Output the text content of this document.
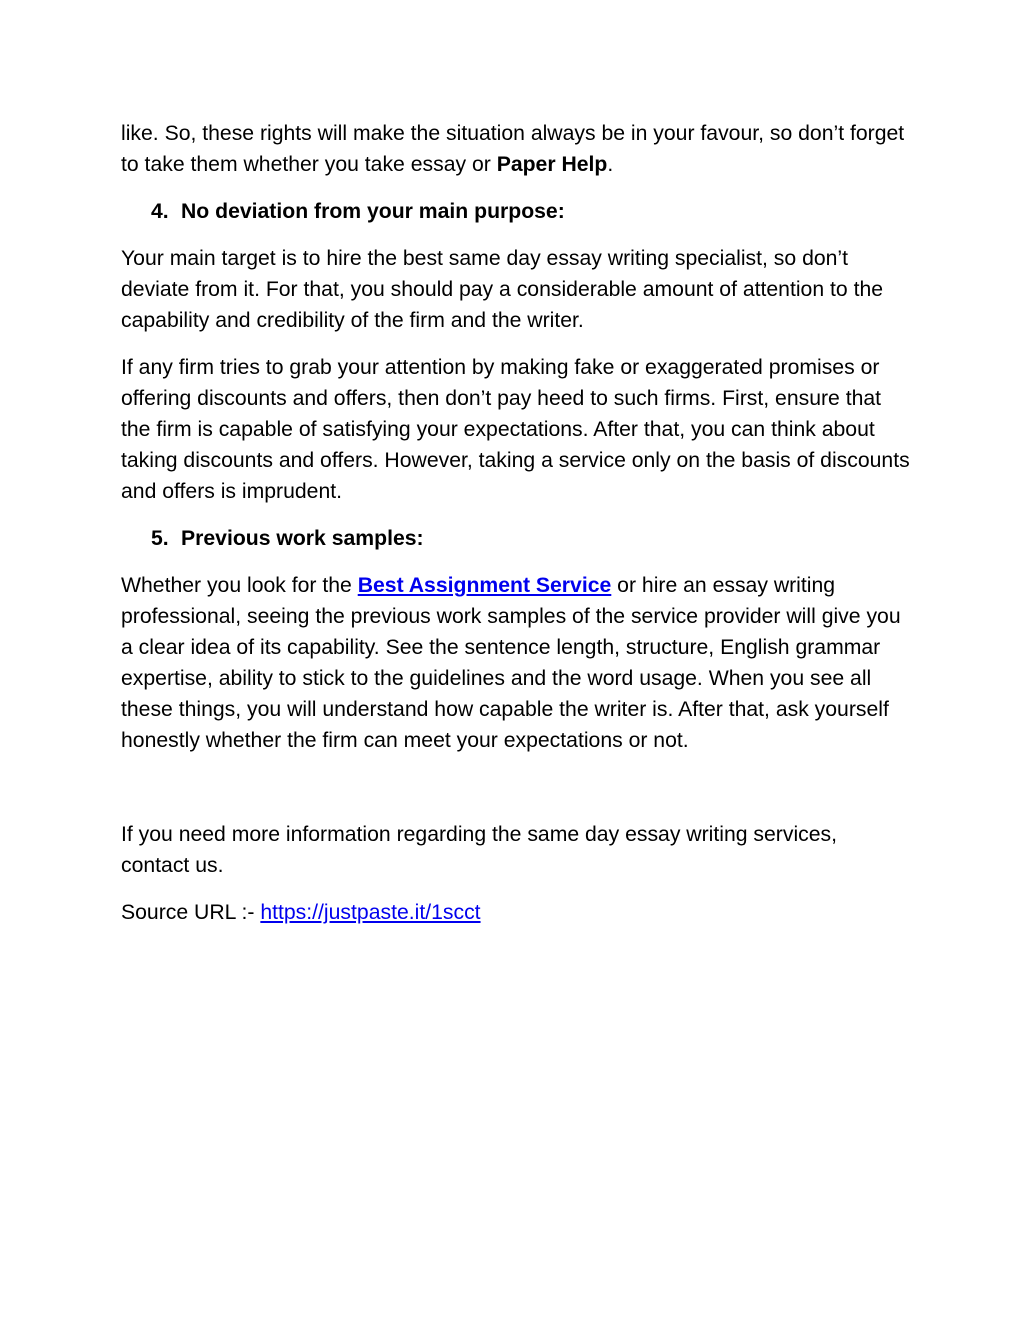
like. So, these rights will make the situation always be in your favour, so don’t forget to take them whether you take essay or Paper Help.

4. No deviation from your main purpose:

Your main target is to hire the best same day essay writing specialist, so don’t deviate from it. For that, you should pay a considerable amount of attention to the capability and credibility of the firm and the writer.

If any firm tries to grab your attention by making fake or exaggerated promises or offering discounts and offers, then don’t pay heed to such firms. First, ensure that the firm is capable of satisfying your expectations. After that, you can think about taking discounts and offers. However, taking a service only on the basis of discounts and offers is imprudent.

5. Previous work samples:

Whether you look for the Best Assignment Service or hire an essay writing professional, seeing the previous work samples of the service provider will give you a clear idea of its capability. See the sentence length, structure, English grammar expertise, ability to stick to the guidelines and the word usage. When you see all these things, you will understand how capable the writer is. After that, ask yourself honestly whether the firm can meet your expectations or not.

If you need more information regarding the same day essay writing services, contact us.

Source URL :- https://justpaste.it/1scct
